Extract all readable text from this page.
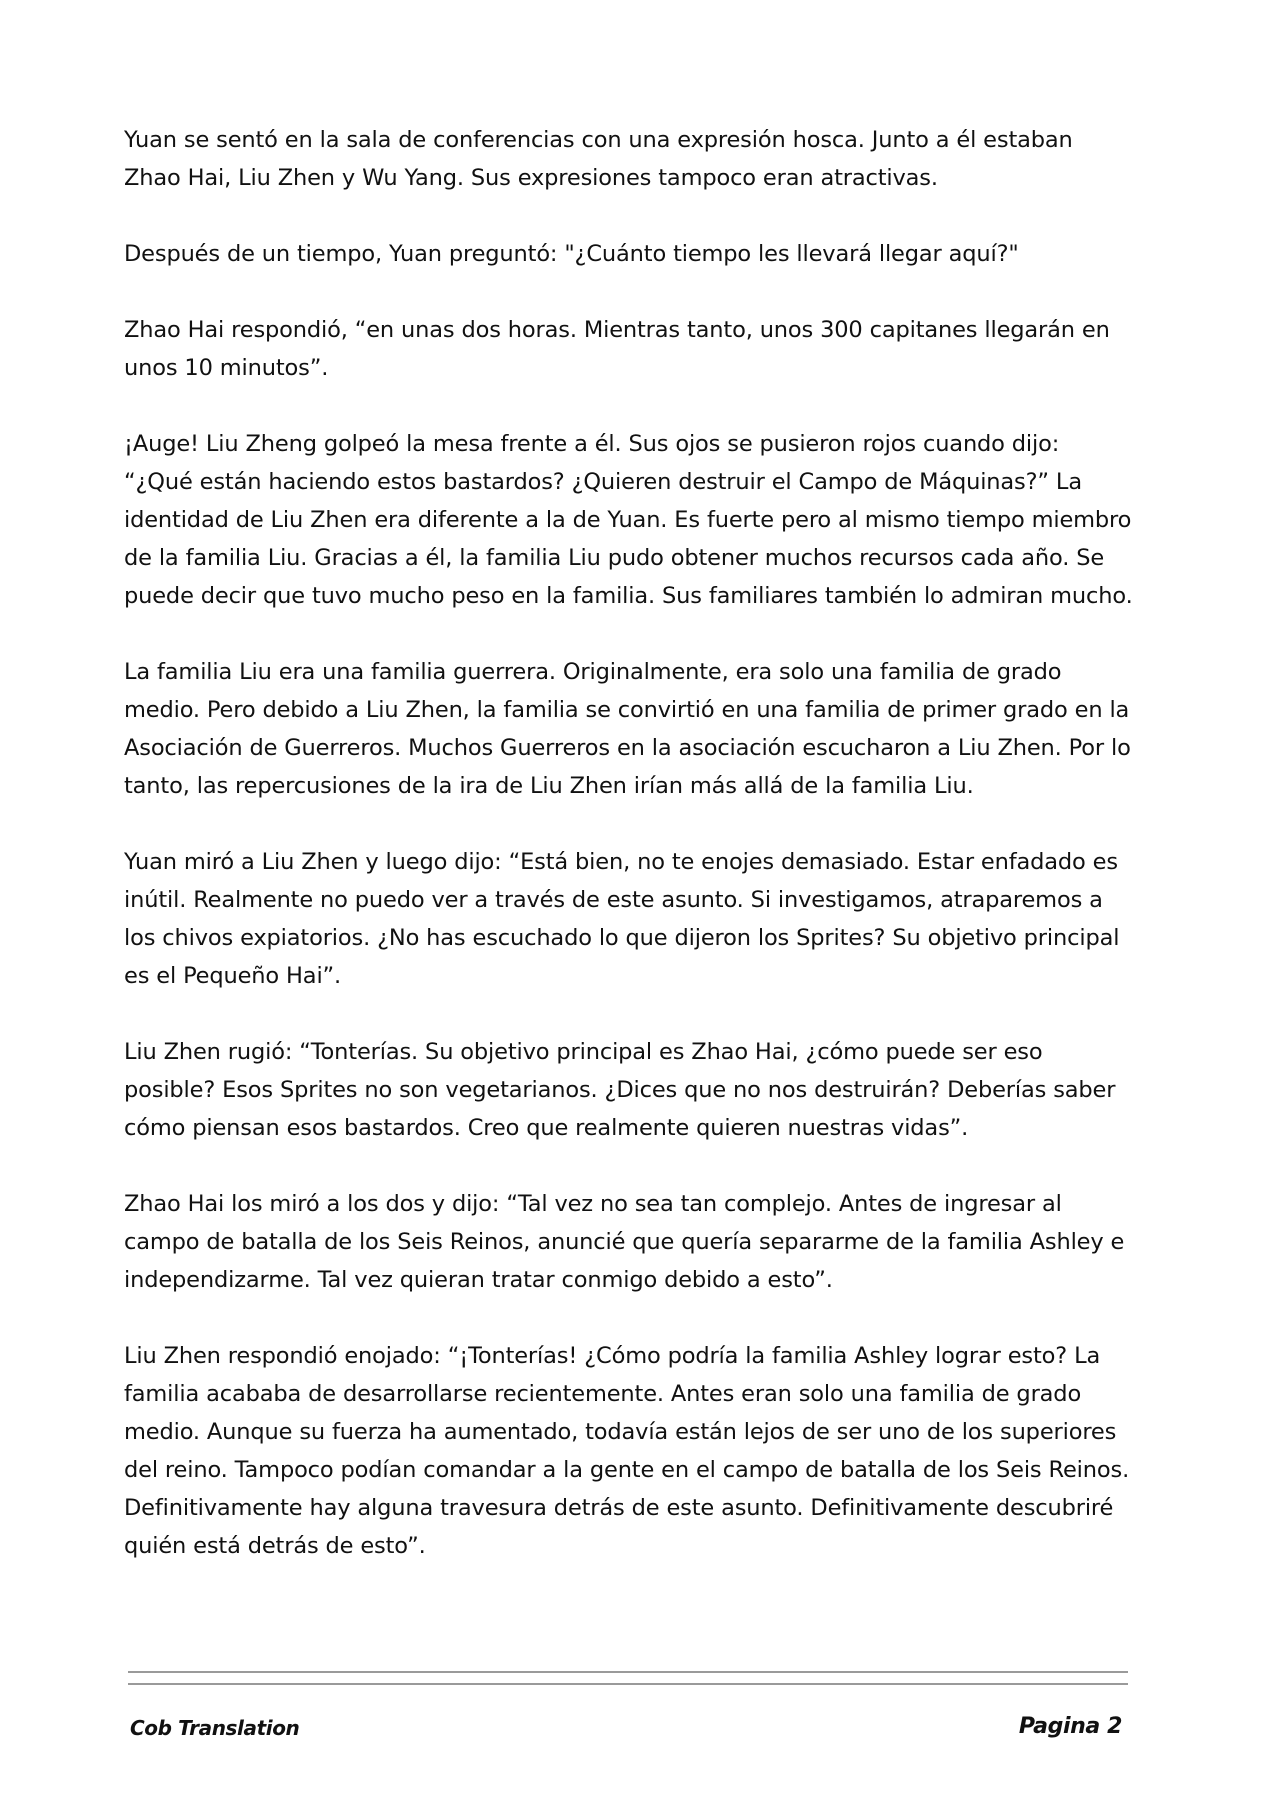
Yuan se sentó en la sala de conferencias con una expresión hosca. Junto a él estaban Zhao Hai, Liu Zhen y Wu Yang. Sus expresiones tampoco eran atractivas.

Después de un tiempo, Yuan preguntó: "¿Cuánto tiempo les llevará llegar aquí?"

Zhao Hai respondió, “en unas dos horas. Mientras tanto, unos 300 capitanes llegarán en unos 10 minutos”.

¡Auge! Liu Zheng golpeó la mesa frente a él. Sus ojos se pusieron rojos cuando dijo: “¿Qué están haciendo estos bastardos? ¿Quieren destruir el Campo de Máquinas?” La identidad de Liu Zhen era diferente a la de Yuan. Es fuerte pero al mismo tiempo miembro de la familia Liu. Gracias a él, la familia Liu pudo obtener muchos recursos cada año. Se puede decir que tuvo mucho peso en la familia. Sus familiares también lo admiran mucho.

La familia Liu era una familia guerrera. Originalmente, era solo una familia de grado medio. Pero debido a Liu Zhen, la familia se convirtió en una familia de primer grado en la Asociación de Guerreros. Muchos Guerreros en la asociación escucharon a Liu Zhen. Por lo tanto, las repercusiones de la ira de Liu Zhen irían más allá de la familia Liu.

Yuan miró a Liu Zhen y luego dijo: “Está bien, no te enojes demasiado. Estar enfadado es inútil. Realmente no puedo ver a través de este asunto. Si investigamos, atraparemos a los chivos expiatorios. ¿No has escuchado lo que dijeron los Sprites? Su objetivo principal es el Pequeño Hai”.

Liu Zhen rugió: “Tonterías. Su objetivo principal es Zhao Hai, ¿cómo puede ser eso posible? Esos Sprites no son vegetarianos. ¿Dices que no nos destruirán? Deberías saber cómo piensan esos bastardos. Creo que realmente quieren nuestras vidas”.

Zhao Hai los miró a los dos y dijo: “Tal vez no sea tan complejo. Antes de ingresar al campo de batalla de los Seis Reinos, anuncié que quería separarme de la familia Ashley e independizarme. Tal vez quieran tratar conmigo debido a esto”.

Liu Zhen respondió enojado: “¡Tonterías! ¿Cómo podría la familia Ashley lograr esto? La familia acababa de desarrollarse recientemente. Antes eran solo una familia de grado medio. Aunque su fuerza ha aumentado, todavía están lejos de ser uno de los superiores del reino. Tampoco podían comandar a la gente en el campo de batalla de los Seis Reinos. Definitivamente hay alguna travesura detrás de este asunto. Definitivamente descubriré quién está detrás de esto”.

Cob Translation	Pagina 2
